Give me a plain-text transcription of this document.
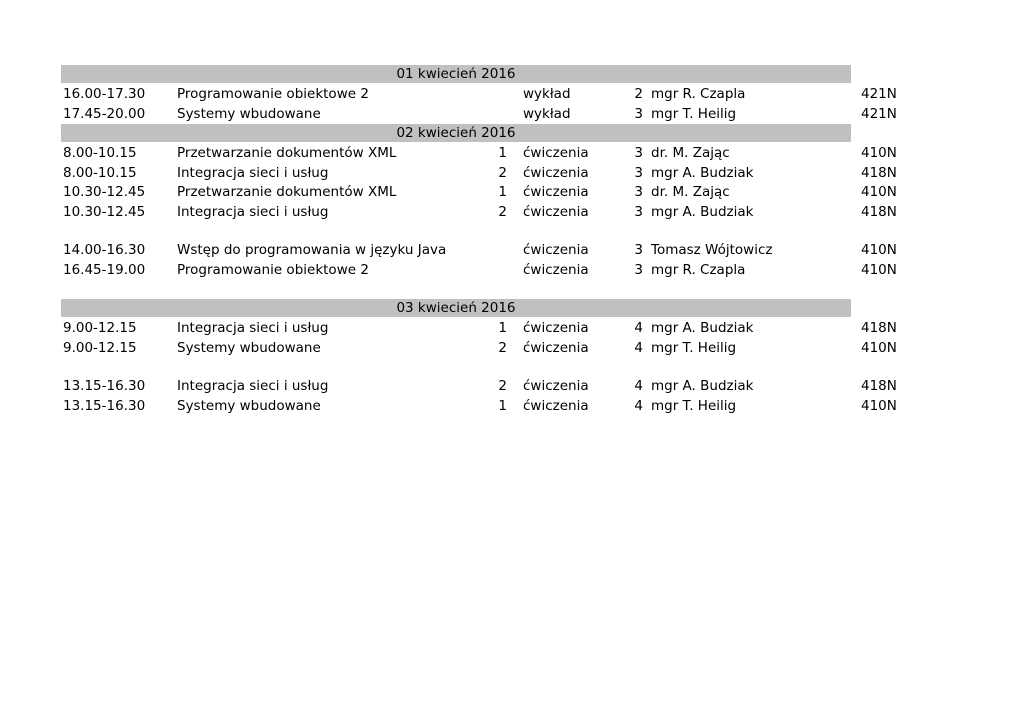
01 kwiecień 2016
16.00-17.30 Programowanie obiektowe 2	wykład	2 mgr R. Czapla	421N
17.45-20.00 Systemy wbudowane	wykład	3 mgr T. Heilig	421N
02 kwiecień 2016
8.00-10.15	Przetwarzanie dokumentów XML	1 ćwiczenia	3 dr. M. Zając	410N
8.00-10.15	Integracja sieci i usług	2 ćwiczenia	3 mgr A. Budziak	418N
10.30-12.45 Przetwarzanie dokumentów XML	1 ćwiczenia	3 dr. M. Zając	410N
10.30-12.45 Integracja sieci i usług	2 ćwiczenia	3 mgr A. Budziak	418N
14.00-16.30 Wstęp do programowania w języku Java	ćwiczenia	3 Tomasz Wójtowicz	410N
16.45-19.00 Programowanie obiektowe 2	ćwiczenia	3 mgr R. Czapla	410N
03 kwiecień 2016
9.00-12.15	Integracja sieci i usług	1 ćwiczenia	4 mgr A. Budziak	418N
9.00-12.15	Systemy wbudowane	2 ćwiczenia	4 mgr T. Heilig	410N
13.15-16.30 Integracja sieci i usług	2 ćwiczenia	4 mgr A. Budziak	418N
13.15-16.30 Systemy wbudowane	1 ćwiczenia	4 mgr T. Heilig	410N
